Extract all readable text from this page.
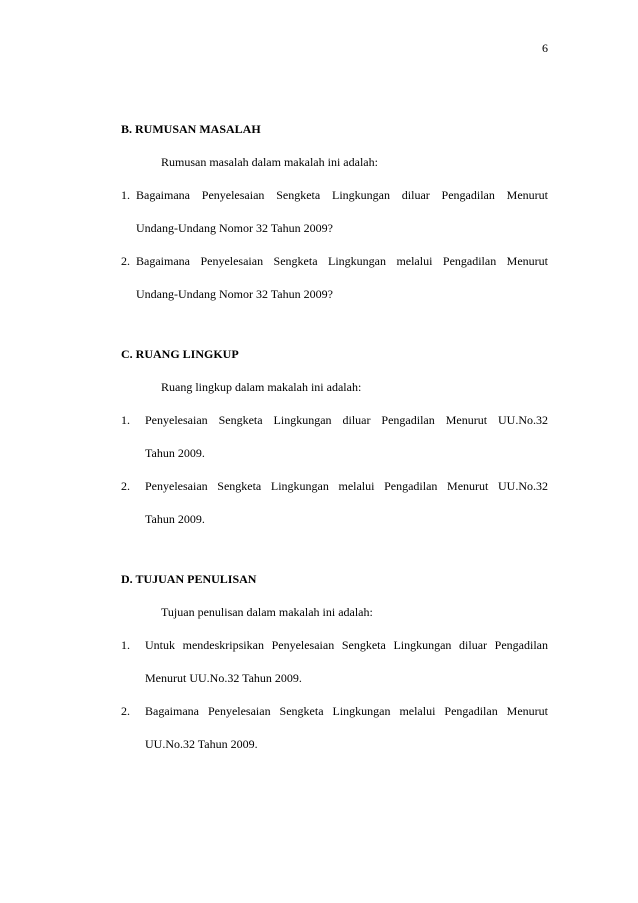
6
B. RUMUSAN MASALAH
Rumusan masalah dalam makalah ini adalah:
1. Bagaimana Penyelesaian Sengketa Lingkungan diluar Pengadilan Menurut
Undang-Undang Nomor 32 Tahun 2009?
2. Bagaimana Penyelesaian Sengketa Lingkungan melalui Pengadilan Menurut
Undang-Undang Nomor 32 Tahun 2009?
C. RUANG LINGKUP
Ruang lingkup dalam makalah ini adalah:
1.	Penyelesaian Sengketa Lingkungan diluar Pengadilan Menurut UU.No.32
Tahun 2009.
2.	Penyelesaian Sengketa Lingkungan melalui Pengadilan Menurut UU.No.32
Tahun 2009.
D. TUJUAN PENULISAN
Tujuan penulisan dalam makalah ini adalah:
1.	Untuk mendeskripsikan Penyelesaian Sengketa Lingkungan diluar Pengadilan
Menurut UU.No.32 Tahun 2009.
2.	Bagaimana Penyelesaian Sengketa Lingkungan melalui Pengadilan Menurut
UU.No.32 Tahun 2009.
